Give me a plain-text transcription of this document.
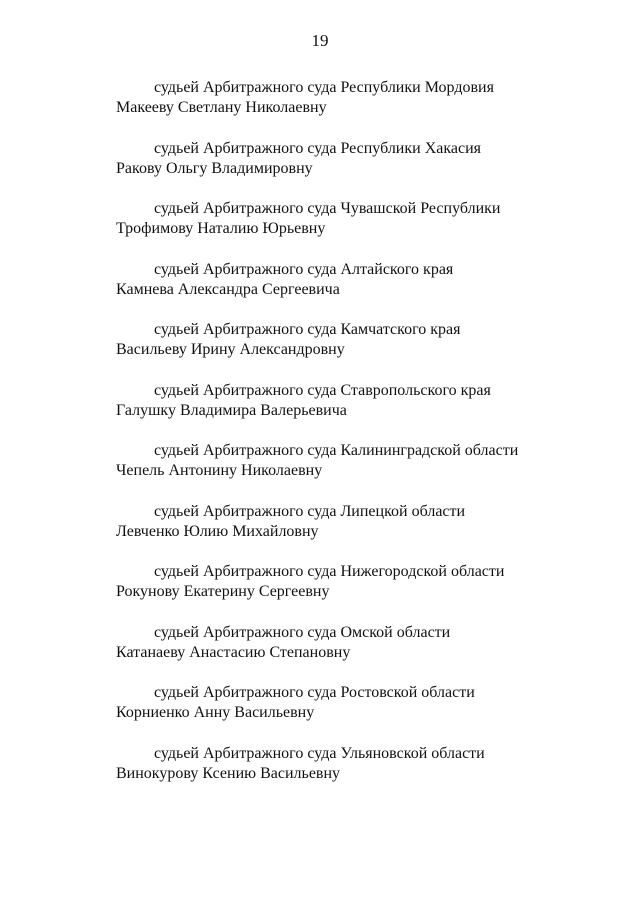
19
судьей Арбитражного суда Республики Мордовия
Макееву Светлану Николаевну
судьей Арбитражного суда Республики Хакасия
Ракову Ольгу Владимировну
судьей Арбитражного суда Чувашской Республики
Трофимову Наталию Юрьевну
судьей Арбитражного суда Алтайского края
Камнева Александра Сергеевича
судьей Арбитражного суда Камчатского края
Васильеву Ирину Александровну
судьей Арбитражного суда Ставропольского края
Галушку Владимира Валерьевича
судьей Арбитражного суда Калининградской области
Чепель Антонину Николаевну
судьей Арбитражного суда Липецкой области
Левченко Юлию Михайловну
судьей Арбитражного суда Нижегородской области
Рокунову Екатерину Сергеевну
судьей Арбитражного суда Омской области
Катанаеву Анастасию Степановну
судьей Арбитражного суда Ростовской области
Корниенко Анну Васильевну
судьей Арбитражного суда Ульяновской области
Винокурову Ксению Васильевну
